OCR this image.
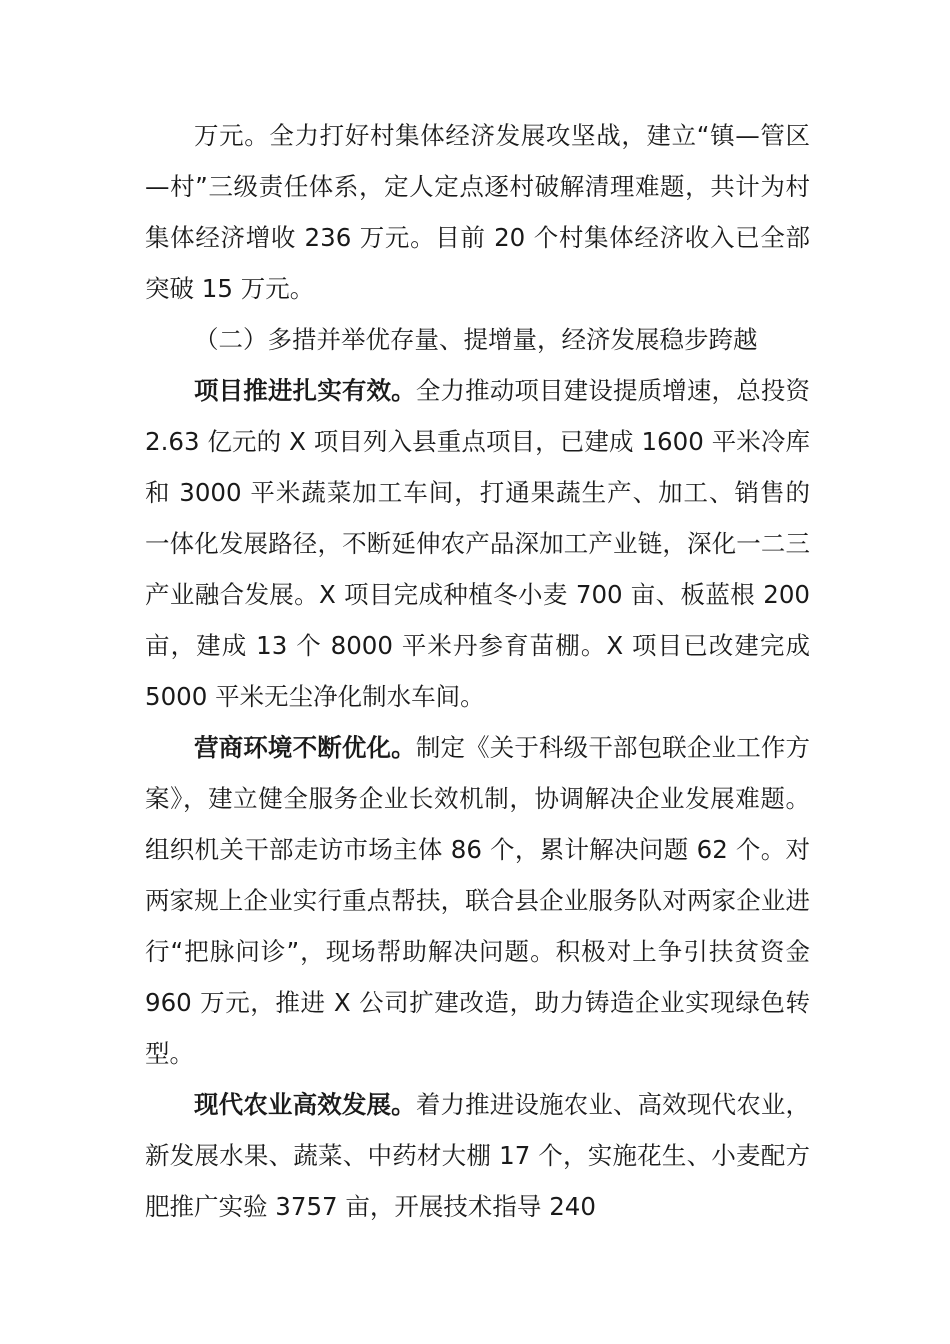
万元。全力打好村集体经济发展攻坚战，建立“镇—管区—村”三级责任体系，定人定点逐村破解清理难题，共计为村集体经济增收 236 万元。目前 20 个村集体经济收入已全部突破 15 万元。

（二）多措并举优存量、提增量，经济发展稳步跨越

项目推进扎实有效。全力推动项目建设提质增速，总投资 2.63 亿元的 X 项目列入县重点项目，已建成 1600 平米冷库和 3000 平米蔬菜加工车间，打通果蔬生产、加工、销售的一体化发展路径，不断延伸农产品深加工产业链，深化一二三产业融合发展。X 项目完成种植冬小麦 700 亩、板蓝根 200 亩，建成 13 个 8000 平米丹参育苗棚。X 项目已改建完成 5000 平米无尘净化制水车间。

营商环境不断优化。制定《关于科级干部包联企业工作方案》，建立健全服务企业长效机制，协调解决企业发展难题。组织机关干部走访市场主体 86 个，累计解决问题 62 个。对两家规上企业实行重点帮扶，联合县企业服务队对两家企业进行“把脉问诊”，现场帮助解决问题。积极对上争引扶贫资金 960 万元，推进 X 公司扩建改造，助力铸造企业实现绿色转型。

现代农业高效发展。着力推进设施农业、高效现代农业，新发展水果、蔬菜、中药材大棚 17 个，实施花生、小麦配方肥推广实验 3757 亩，开展技术指导 240
